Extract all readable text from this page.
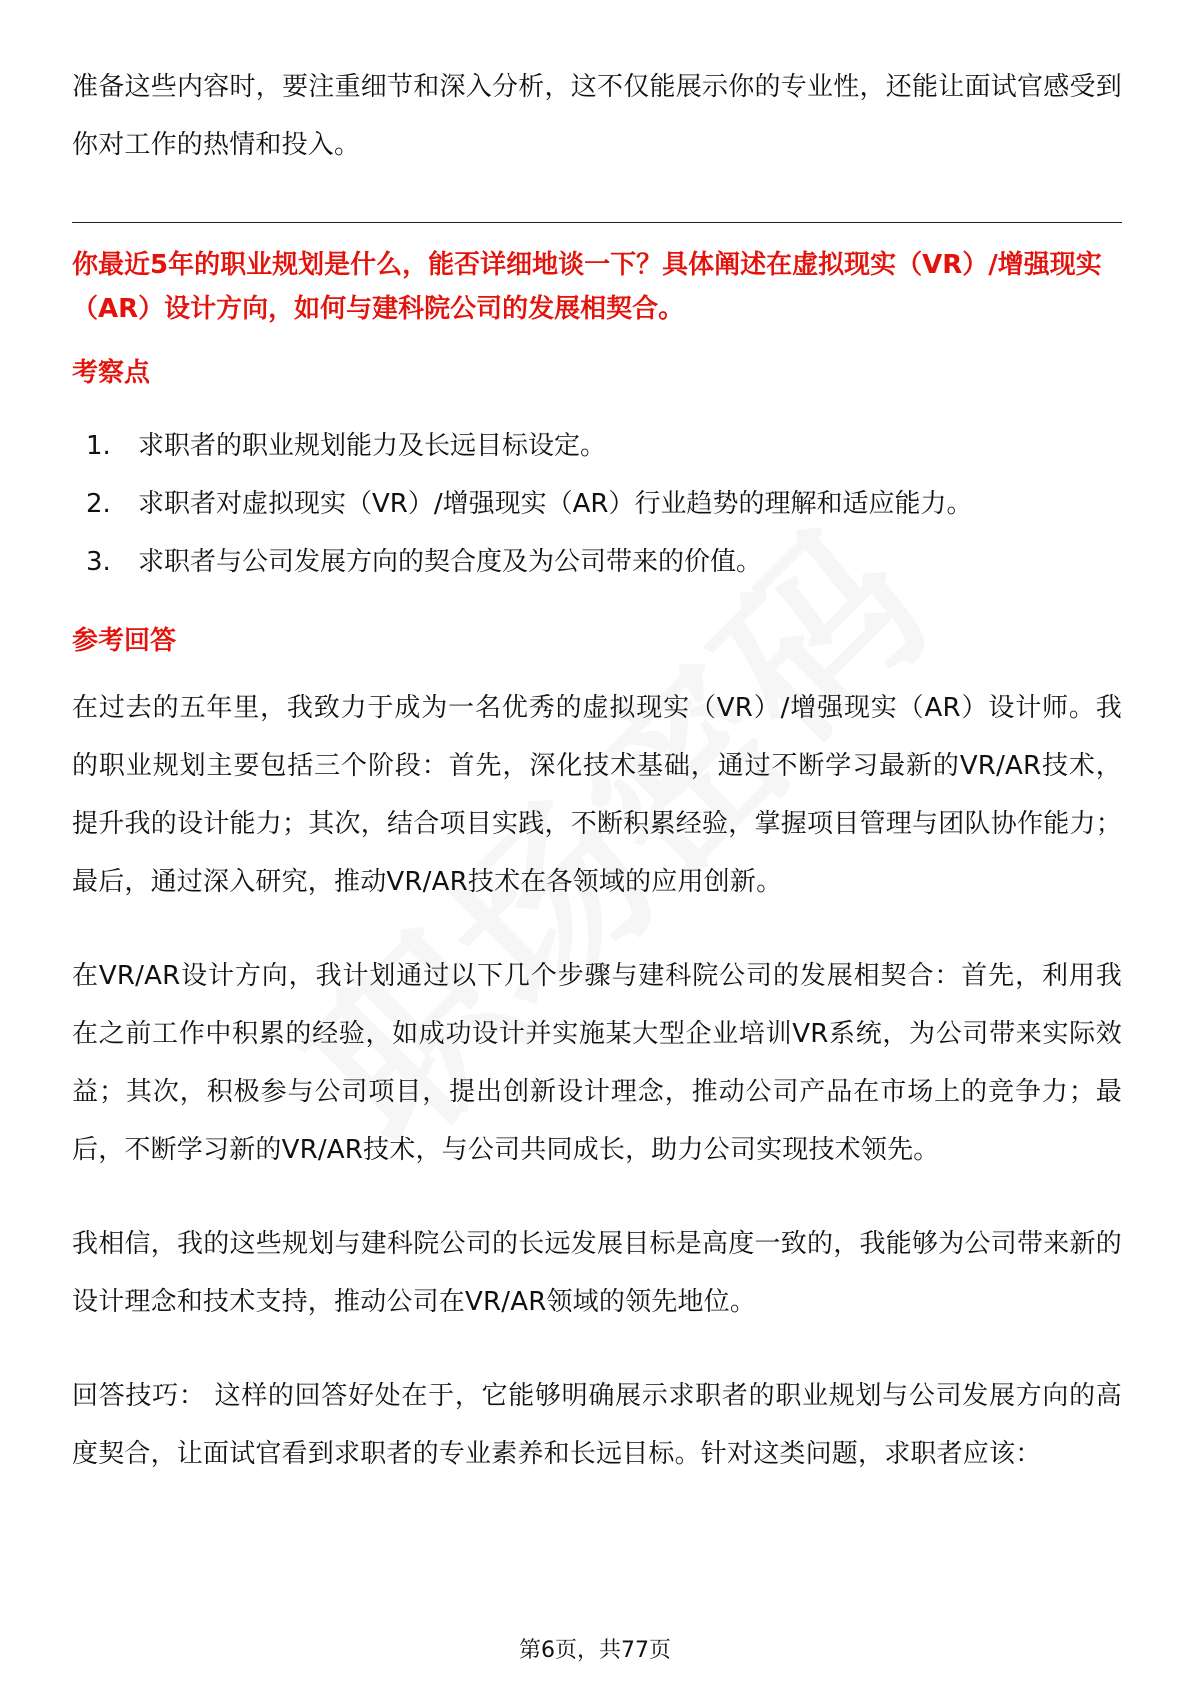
准备这些内容时，要注重细节和深入分析，这不仅能展示你的专业性，还能让面试官感受到你对工作的热情和投入。

你最近5年的职业规划是什么，能否详细地谈一下？具体阐述在虚拟现实（VR）/增强现实（AR）设计方向，如何与建科院公司的发展相契合。

考察点
1.	求职者的职业规划能力及长远目标设定。
2.	求职者对虚拟现实（VR）/增强现实（AR）行业趋势的理解和适应能力。
3.	求职者与公司发展方向的契合度及为公司带来的价值。
参考回答

在过去的五年里，我致力于成为一名优秀的虚拟现实（VR）/增强现实（AR）设计师。我的职业规划主要包括三个阶段：首先，深化技术基础，通过不断学习最新的VR/AR技术，提升我的设计能力；其次，结合项目实践，不断积累经验，掌握项目管理与团队协作能力；最后，通过深入研究，推动VR/AR技术在各领域的应用创新。

在VR/AR设计方向，我计划通过以下几个步骤与建科院公司的发展相契合：首先，利用我在之前工作中积累的经验，如成功设计并实施某大型企业培训VR系统，为公司带来实际效益；其次，积极参与公司项目，提出创新设计理念，推动公司产品在市场上的竞争力；最后，不断学习新的VR/AR技术，与公司共同成长，助力公司实现技术领先。

我相信，我的这些规划与建科院公司的长远发展目标是高度一致的，我能够为公司带来新的设计理念和技术支持，推动公司在VR/AR领域的领先地位。

回答技巧： 这样的回答好处在于，它能够明确展示求职者的职业规划与公司发展方向的高度契合，让面试官看到求职者的专业素养和长远目标。针对这类问题，求职者应该：

第6页，共77页
